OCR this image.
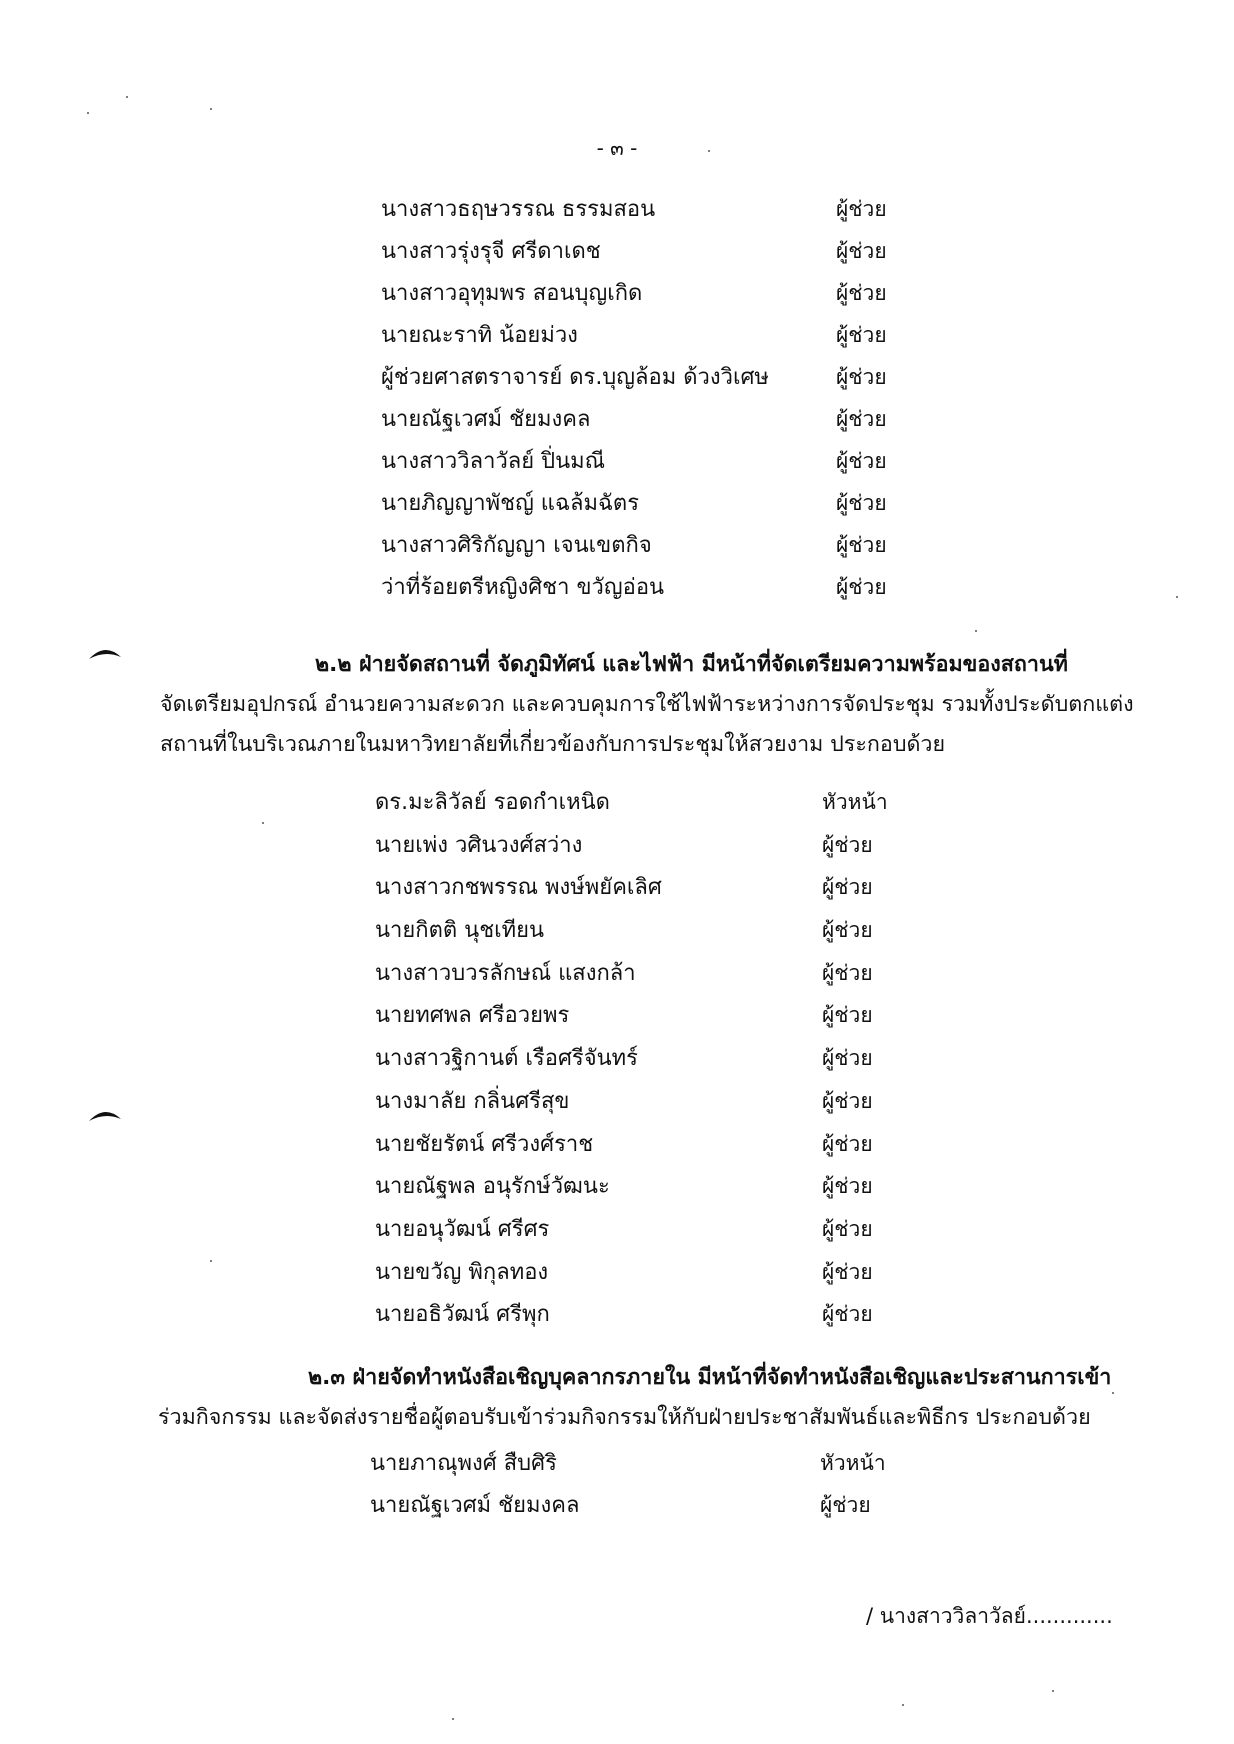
- ๓ -
นางสาวธฤษวรรณ ธรรมสอน	ผู้ช่วย
นางสาวรุ่งรุจี ศรีดาเดช	ผู้ช่วย
นางสาวอุทุมพร สอนบุญเกิด	ผู้ช่วย
นายณะราทิ น้อยม่วง	ผู้ช่วย
ผู้ช่วยศาสตราจารย์ ดร.บุญล้อม ด้วงวิเศษ	ผู้ช่วย
นายณัฐเวศม์ ชัยมงคล	ผู้ช่วย
นางสาววิลาวัลย์ ปิ่นมณี	ผู้ช่วย
นายภิญญาพัชญ์ แฉล้มฉัตร	ผู้ช่วย
นางสาวศิริกัญญา เจนเขตกิจ	ผู้ช่วย
ว่าที่ร้อยตรีหญิงศิชา ขวัญอ่อน	ผู้ช่วย

๒.๒ ฝ่ายจัดสถานที่ จัดภูมิทัศน์ และไฟฟ้า มีหน้าที่จัดเตรียมความพร้อมของสถานที่

จัดเตรียมอุปกรณ์ อำนวยความสะดวก และควบคุมการใช้ไฟฟ้าระหว่างการจัดประชุม รวมทั้งประดับตกแต่ง

สถานที่ในบริเวณภายในมหาวิทยาลัยที่เกี่ยวข้องกับการประชุมให้สวยงาม ประกอบด้วย

ดร.มะลิวัลย์ รอดกำเหนิด	หัวหน้า
นายเพ่ง วศินวงศ์สว่าง	ผู้ช่วย
นางสาวกชพรรณ พงษ์พยัคเลิศ	ผู้ช่วย
นายกิตติ นุชเทียน	ผู้ช่วย
นางสาวบวรลักษณ์ แสงกล้า	ผู้ช่วย
นายทศพล ศรีอวยพร	ผู้ช่วย
นางสาวฐิกานต์ เรือศรีจันทร์	ผู้ช่วย
นางมาลัย กลิ่นศรีสุข	ผู้ช่วย
นายชัยรัตน์ ศรีวงศ์ราช	ผู้ช่วย
นายณัฐพล อนุรักษ์วัฒนะ	ผู้ช่วย
นายอนุวัฒน์ ศรีศร	ผู้ช่วย
นายขวัญ พิกุลทอง	ผู้ช่วย
นายอธิวัฒน์ ศรีพุก	ผู้ช่วย

๒.๓ ฝ่ายจัดทำหนังสือเชิญบุคลากรภายใน มีหน้าที่จัดทำหนังสือเชิญและประสานการเข้า

ร่วมกิจกรรม และจัดส่งรายชื่อผู้ตอบรับเข้าร่วมกิจกรรมให้กับฝ่ายประชาสัมพันธ์และพิธีกร ประกอบด้วย

นายภาณุพงศ์ สืบศิริ	หัวหน้า
นายณัฐเวศม์ ชัยมงคล	ผู้ช่วย
/ นางสาววิลาวัลย์.............
